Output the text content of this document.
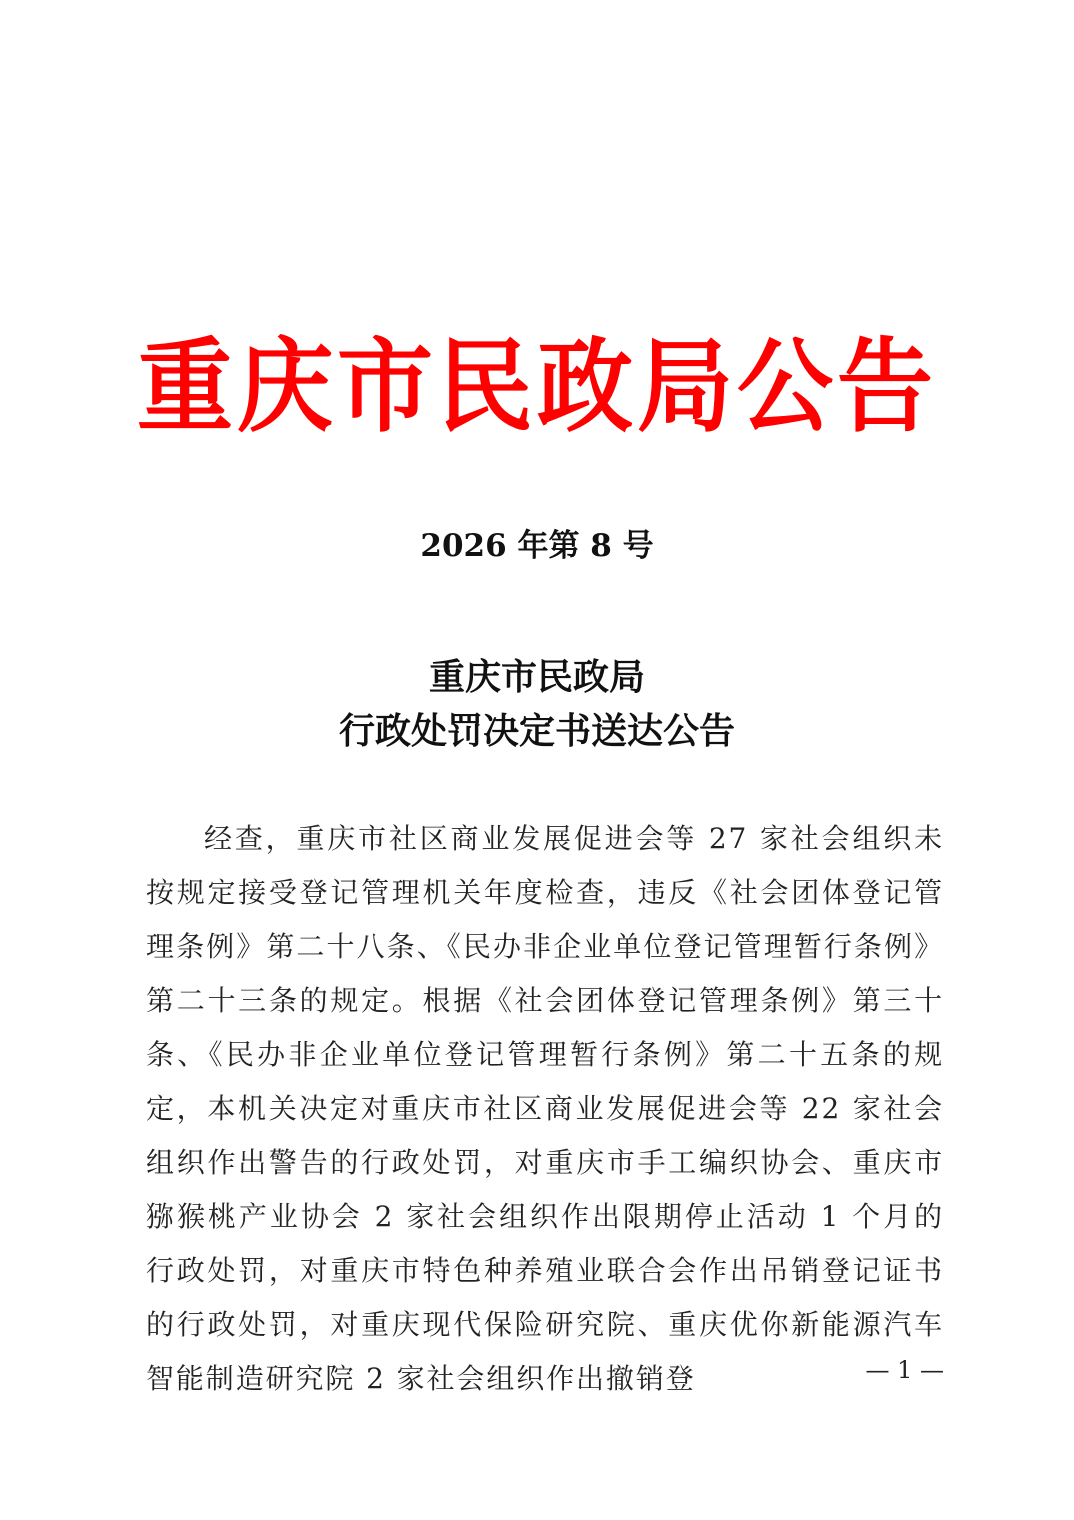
重庆市民政局公告
2026 年第 8 号
重庆市民政局
行政处罚决定书送达公告

经查，重庆市社区商业发展促进会等 27 家社会组织未按规定接受登记管理机关年度检查，违反《社会团体登记管理条例》第二十八条、《民办非企业单位登记管理暂行条例》第二十三条的规定。根据《社会团体登记管理条例》第三十条、《民办非企业单位登记管理暂行条例》第二十五条的规定，本机关决定对重庆市社区商业发展促进会等 22 家社会组织作出警告的行政处罚，对重庆市手工编织协会、重庆市猕猴桃产业协会 2 家社会组织作出限期停止活动 1 个月的行政处罚，对重庆市特色种养殖业联合会作出吊销登记证书的行政处罚，对重庆现代保险研究院、重庆优你新能源汽车智能制造研究院 2 家社会组织作出撤销登	— 1 —
